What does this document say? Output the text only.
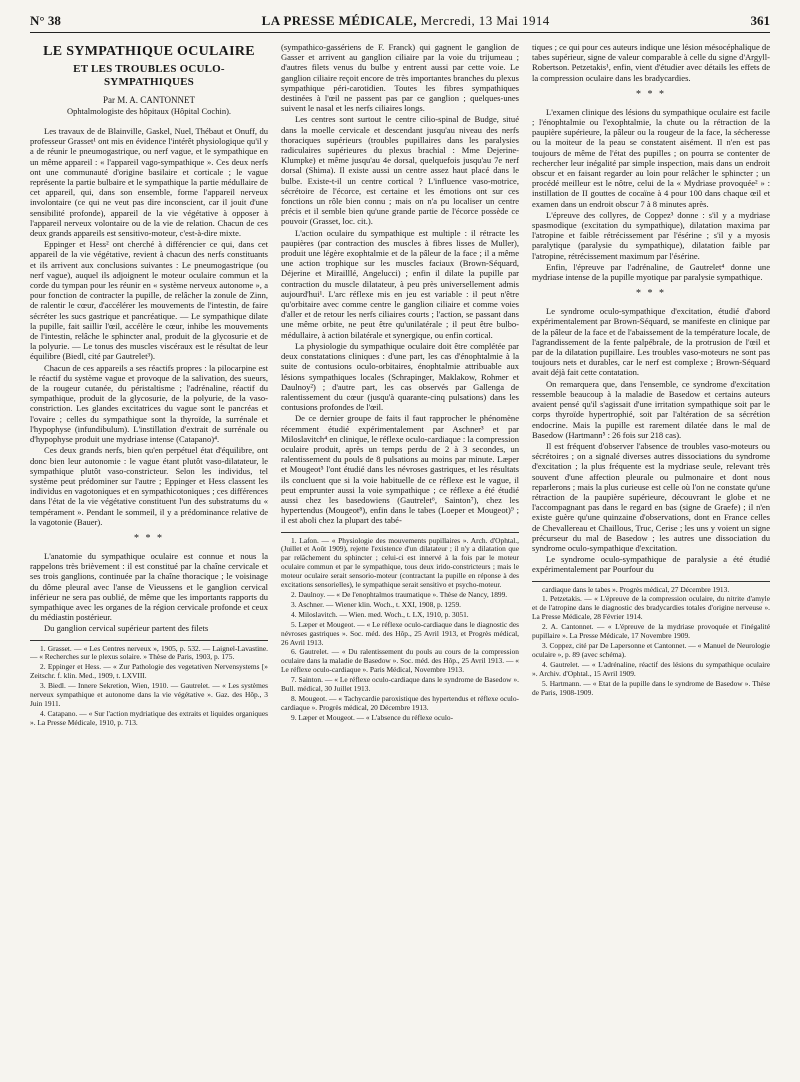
N° 38	LA PRESSE MÉDICALE, Mercredi, 13 Mai 1914	361
LE SYMPATHIQUE OCULAIRE
ET LES TROUBLES OCULO-SYMPATHIQUES
Par M. A. CANTONNET
Ophtalmologiste des hôpitaux (Hôpital Cochin).

Les travaux de de Blainville, Gaskel, Nuel, Thébaut et Onuff, du professeur Grasset¹ ont mis en évidence l'intérêt physiologique qu'il y a de réunir le pneumogastrique, ou nerf vague, et le sympathique en un même appareil : « l'appareil vago-sympathique ». Ces deux nerfs ont une communauté d'origine basilaire et corticale ; le vague représente la partie bulbaire et le sympathique la partie médullaire de cet appareil, qui, dans son ensemble, forme l'appareil nerveux involontaire (ce qui ne veut pas dire inconscient, car il jouit d'une sensibilité profonde), appareil de la vie végétative à opposer à l'appareil nerveux volontaire ou de la vie de relation. Chacun de ces deux grands appareils est sensitivo-moteur, c'est-à-dire mixte.

Eppinger et Hess² ont cherché à différencier ce qui, dans cet appareil de la vie végétative, revient à chacun des nerfs constituants et ils arrivent aux conclusions suivantes : Le pneumogastrique (ou nerf vague), auquel ils adjoignent le moteur oculaire commun et la corde du tympan pour les réunir en « système nerveux autonome », a pour fonction de contracter la pupille, de relâcher la zonule de Zinn, de ralentir le cœur, d'accélérer les mouvements de l'intestin, de faire sécréter les sucs gastrique et pancréatique. — Le sympathique dilate la pupille, fait saillir l'œil, accélère le cœur, inhibe les mouvements de l'intestin, relâche le sphincter anal, produit de la glycosurie et de la polyurie. — Le tonus des muscles viscéraux est le résultat de leur équilibre (Biedl, cité par Gautrelet³).

Chacun de ces appareils a ses réactifs propres : la pilocarpine est le réactif du système vague et provoque de la salivation, des sueurs, de la rougeur cutanée, du péristaltisme ; l'adrénaline, réactif du sympathique, produit de la glycosurie, de la polyurie, de la vaso-constriction. Les glandes excitatrices du vague sont le pancréas et l'ovaire ; celles du sympathique sont la thyroïde, la surrénale et l'hypophyse (infundibulum). L'instillation d'extrait de surrénale ou d'hypophyse produit une mydriase intense (Catapano)⁴.

Ces deux grands nerfs, bien qu'en perpétuel état d'équilibre, ont donc bien leur autonomie : le vague étant plutôt vaso-dilatateur, le sympathique plutôt vaso-constricteur. Selon les individus, tel système peut prédominer sur l'autre ; Eppinger et Hess classent les individus en vagotoniques et en sympathicotoniques ; ces différences dans l'état de la vie végétative constituent l'un des substratums du « tempérament ». Pendant le sommeil, il y a prédominance relative de la vagotonie (Bauer).

* * *

L'anatomie du sympathique oculaire est connue et nous la rappelons très brièvement : il est constitué par la chaîne cervicale et ses trois ganglions, continuée par la chaîne thoracique ; le voisinage du dôme pleural avec l'anse de Vieussens et le ganglion cervical inférieur ne sera pas oublié, de même que les importants rapports du sympathique avec les organes de la région cervicale profonde et ceux du médiastin postérieur.

Du ganglion cervical supérieur partent des filets

1. Grasset. — « Les Centres nerveux », 1905, p. 532. — Laignel-Lavastine. — « Recherches sur le plexus solaire. » Thèse de Paris, 1903, p. 175.
2. Eppinger et Hess. — « Zur Pathologie des vegetativen Nervensystems [» Zeitschr. f. klin. Med., 1909, t. LXVIII.
3. Biedl. — Innere Sekretion, Wien, 1910. — Gautrelet. — « Les systèmes nerveux sympathique et autonome dans la vie végétative ». Gaz. des Hôp., 3 Juin 1911.
4. Catapano. — « Sur l'action mydriatique des extraits et liquides organiques ». La Presse Médicale, 1910, p. 713.

(sympathico-gassériens de F. Franck) qui gagnent le ganglion de Gasser et arrivent au ganglion ciliaire par la voie du trijumeau ; d'autres filets venus du bulbe y entrent aussi par cette voie. Le ganglion ciliaire reçoit encore de très importantes branches du plexus sympathique péri-carotidien. Toutes les fibres sympathiques destinées à l'œil ne passent pas par ce ganglion ; quelques-unes suivent le nasal et les nerfs ciliaires longs.

Les centres sont surtout le centre cilio-spinal de Budge, situé dans la moelle cervicale et descendant jusqu'au niveau des nerfs thoraciques supérieurs (troubles pupillaires dans les paralysies radiculaires supérieures du plexus brachial : Mme Dejerine-Klumpke) et même jusqu'au 4e dorsal, quelquefois jusqu'au 7e nerf dorsal (Shima). Il existe aussi un centre assez haut placé dans le bulbe. Existe-t-il un centre cortical ? L'influence vaso-motrice, sécrétoire de l'écorce, est certaine et les émotions ont sur ces fonctions un rôle bien connu ; mais on n'a pu localiser un centre précis et il semble bien qu'une grande partie de l'écorce possède ce pouvoir (Grasset, loc. cit.).

L'action oculaire du sympathique est multiple : il rétracte les paupières (par contraction des muscles à fibres lisses de Muller), produit une légère exophtalmie et de la pâleur de la face ; il a même une action trophique sur les muscles faciaux (Brown-Séquard, Déjerine et Mirailllé, Angelucci) ; enfin il dilate la pupille par contraction du muscle dilatateur, à peu près universellement admis aujourd'hui¹. L'arc réflexe mis en jeu est variable : il peut n'être qu'orbitaire avec comme centre le ganglion ciliaire et comme voies d'aller et de retour les nerfs ciliaires courts ; l'action, se passant dans une même orbite, ne peut être qu'unilatérale ; il peut être bulbo-médullaire, à action bilatérale et synergique, ou enfin cortical.

La physiologie du sympathique oculaire doit être complétée par deux constatations cliniques : d'une part, les cas d'énophtalmie à la suite de contusions oculo-orbitaires, énophtalmie attribuable aux lésions sympathiques locales (Schrapinger, Maklakow, Rohmer et Daulnoy²) ; d'autre part, les cas observés par Gallenga de ralentissement du cœur (jusqu'à quarante-cinq pulsations) dans les contusions profondes de l'œil.

De ce dernier groupe de faits il faut rapprocher le phénomène récemment étudié expérimentalement par Aschner³ et par Miloslavitch⁴ en clinique, le réflexe oculo-cardiaque : la compression oculaire produit, après un temps perdu de 2 à 3 secondes, un ralentissement du pouls de 8 pulsations au moins par minute. Læper et Mougeot⁵ l'ont étudié dans les névroses gastriques, et les résultats ils concluent que si la voie habituelle de ce réflexe est le vague, il peut emprunter aussi la voie sympathique ; ce réflexe a été étudié aussi chez les basedowiens (Gautrelet⁶, Sainton⁷), chez les hypertendus (Mougeot⁸), enfin dans le tabes (Loeper et Mougeot)⁹ ; il est aboli chez la plupart des tabé-

1. Lafon. — « Physiologie des mouvements pupillaires ». Arch. d'Ophtal., (Juillet et Août 1909), rejette l'existence d'un dilatateur ; il n'y a dilatation que par relâchement du sphincter ; celui-ci est innervé à la fois par le moteur oculaire commun et par le sympathique, tous deux irido-constricteurs ; mais le moteur oculaire serait sensorio-moteur (contractant la pupille en réponse à des excitations sensorielles), le sympathique serait sensitivo et psycho-moteur.
2. Daulnoy. — « De l'enophtalmos traumatique ». Thèse de Nancy, 1899.
3. Aschner. — Wiener klin. Woch., t. XXI, 1908, p. 1259.
4. Miloslavitch. — Wien. med. Woch., t. LX, 1910, p. 3051.
5. Læper et Mougeot. — « Le réflexe oculo-cardiaque dans le diagnostic des névroses gastriques ». Soc. méd. des Hôp., 25 Avril 1913, et Progrès médical, 26 Avril 1913.
6. Gautrelet. — « Du ralentissement du pouls au cours de la compression oculaire dans la maladie de Basedow ». Soc. méd. des Hôp., 25 Avril 1913. — « Le réflexe oculo-cardiaque ». Paris Médical, Novembre 1913.
7. Sainton. — « Le réflexe oculo-cardiaque dans le syndrome de Basedow ». Bull. médical, 30 Juillet 1913.
8. Mougeot. — « Tachycardie paroxistique des hypertendus et réflexe oculo-cardiaque ». Progrès médical, 20 Décembre 1913.
9. Læper et Mougeot. — « L'absence du réflexe oculo-

tiques ; ce qui pour ces auteurs indique une lésion mésocéphalique de tabes supérieur, signe de valeur comparable à celle du signe d'Argyll-Robertson. Petzetakis¹, enfin, vient d'étudier avec détails les effets de la compression oculaire dans les bradycardies.

* * *

L'examen clinique des lésions du sympathique oculaire est facile ; l'énophtalmie ou l'exophtalmie, la chute ou la rétraction de la paupière supérieure, la pâleur ou la rougeur de la face, la sécheresse ou la moiteur de la peau se constatent aisément. Il n'en est pas toujours de même de l'état des pupilles ; on pourra se contenter de rechercher leur inégalité par simple inspection, mais dans un endroit obscur et en faisant regarder au loin pour relâcher le sphincter ; un procédé meilleur est le nôtre, celui de la « Mydriase provoquée² » : instillation de II gouttes de cocaïne à 4 pour 100 dans chaque œil et examen dans un endroit obscur 7 à 8 minutes après.

L'épreuve des collyres, de Coppez³ donne : s'il y a mydriase spasmodique (excitation du sympathique), dilatation maxima par l'atropine et faible rétrécissement par l'ésérine ; s'il y a myosis paralytique (paralysie du sympathique), dilatation faible par l'atropine, rétrécissement maximum par l'ésérine.

Enfin, l'épreuve par l'adrénaline, de Gautrelet⁴ donne une mydriase intense de la pupille myotique par paralysie sympathique.

* * *

Le syndrome oculo-sympathique d'excitation, étudié d'abord expérimentalement par Brown-Séquard, se manifeste en clinique par de la pâleur de la face et de l'abaissement de la température locale, de l'agrandissement de la fente palpébrale, de la protrusion de l'œil et par de la dilatation pupillaire. Les troubles vaso-moteurs ne sont pas toujours nets et durables, car le nerf est complexe ; Brown-Séquard avait déjà fait cette contatation.

On remarquera que, dans l'ensemble, ce syndrome d'excitation ressemble beaucoup à la maladie de Basedow et certains auteurs avaient pensé qu'il s'agissait d'une irritation sympathique soit par le corps thyroïde hypertrophié, soit par l'altération de sa sécrétion endocrine. Mais la pupille est rarement dilatée dans le mal de Basedow (Hartmann⁵ : 26 fois sur 218 cas).

Il est fréquent d'observer l'absence de troubles vaso-moteurs ou sécrétoires ; on a signalé diverses autres dissociations du syndrome d'excitation ; la plus fréquente est la mydriase seule, relevant très souvent d'une affection pleurale ou pulmonaire et dont nous reparlerons ; mais la plus curieuse est celle où l'on ne constate qu'une rétraction de la paupière supérieure, découvrant le globe et ne l'accompagnant pas dans le regard en bas (signe de Graefe) ; il n'en existe guère qu'une quinzaine d'observations, dont en France celles de Chevallereau et Chaillous, Truc, Cerise ; les uns y voient un signe précurseur du mal de Basedow ; les autres une dissociation du syndrome oculo-sympathique d'excitation.

Le syndrome oculo-sympathique de paralysie a été étudié expérimentalement par Pourfour du

cardiaque dans le tabes ». Progrès médical, 27 Décembre 1913.
1. Petzetakis. — « L'épreuve de la compression oculaire, du nitrite d'amyle et de l'atropine dans le diagnostic des bradycardies totales d'origine nerveuse ». La Presse Médicale, 28 Février 1914.
2. A. Cantonnet. — « L'épreuve de la mydriase provoquée et l'inégalité pupillaire ». La Presse Médicale, 17 Novembre 1909.
3. Coppez, cité par De Lapersonne et Cantonnet. — « Manuel de Neurologie oculaire », p. 89 (avec schéma).
4. Gautrelet. — « L'adrénaline, réactif des lésions du sympathique oculaire ». Archiv. d'Ophtal., 15 Avril 1909.
5. Hartmann. — « Etat de la pupille dans le syndrome de Basedow ». Thèse de Paris, 1908-1909.
